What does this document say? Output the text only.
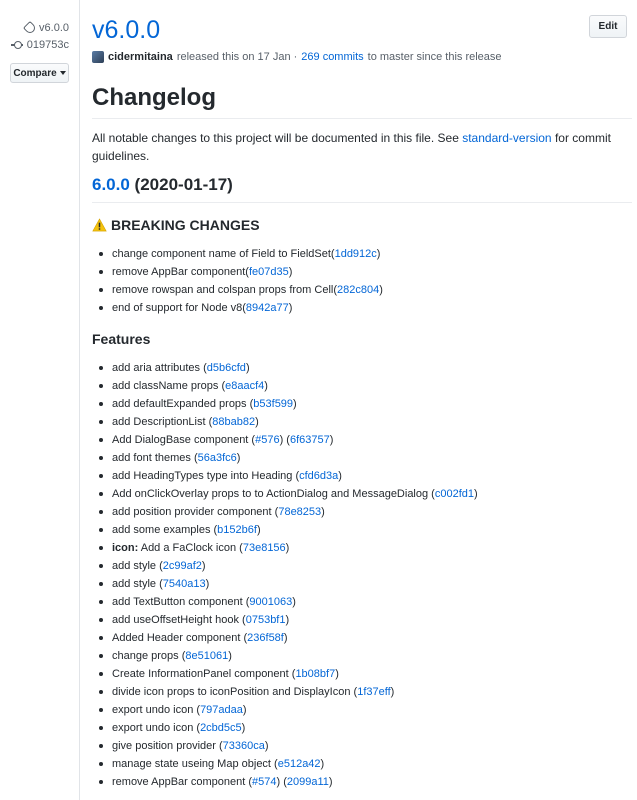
v6.0.0
019753c
Compare
v6.0.0	Edit
cidermitaina released this on 17 Jan · 269 commits to master since this release
Changelog
All notable changes to this project will be documented in this file. See standard-version for commit guidelines.
6.0.0 (2020-01-17)
BREAKING CHANGES
change component name of Field to FieldSet(1dd912c)
remove AppBar component(fe07d35)
remove rowspan and colspan props from Cell(282c804)
end of support for Node v8(8942a77)
Features
add aria attributes (d5b6cfd)
add className props (e8aacf4)
add defaultExpanded props (b53f599)
add DescriptionList (88bab82)
Add DialogBase component (#576) (6f63757)
add font themes (56a3fc6)
add HeadingTypes type into Heading (cfd6d3a)
Add onClickOverlay props to to ActionDialog and MessageDialog (c002fd1)
add position provider component (78e8253)
add some examples (b152b6f)
icon: Add a FaClock icon (73e8156)
add style (2c99af2)
add style (7540a13)
add TextButton component (9001063)
add useOffsetHeight hook (0753bf1)
Added Header component (236f58f)
change props (8e51061)
Create InformationPanel component (1b08bf7)
divide icon props to iconPosition and DisplayIcon (1f37eff)
export undo icon (797adaa)
export undo icon (2cbd5c5)
give position provider (73360ca)
manage state useing Map object (e512a42)
remove AppBar component (#574) (2099a11)
